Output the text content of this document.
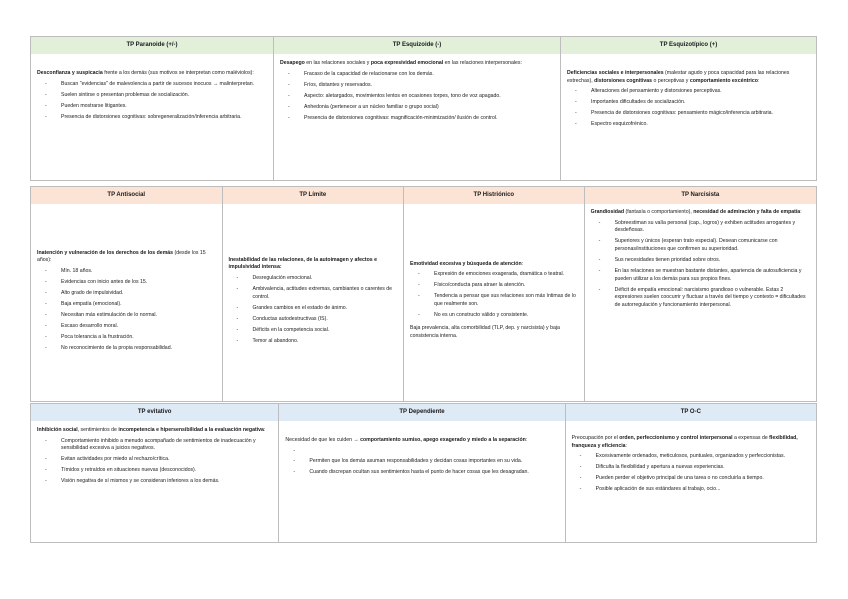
TP Paranoide (+/-)

Desconfianza y suspicacia frente a los demás (sus motivos se interpretan como maléviolos):

- Buscan "evidencias" de malevolencia a partir de sucesos inocuos → malinterpretan.
- Suelen sintirse o presentan problemas de socialización.
- Pueden mostrarse litigantes.
- Presencia de distorsiones cognitivas: sobregeneralización/inferencia arbitraria.
TP Esquizoide (-)

Desapego en las relaciones sociales y poca expresividad emocional en las relaciones interpersonales:

- Fracaso de la capacidad de relacionarse con los demás.
- Fríos, distantes y reservados.
- Aspecto: aletargados, movimientos lentos en ocasiones torpes, tono de voz apagado.
- Anhedonia (pertenecer a un núcleo familiar o grupo social)
- Presencia de distorsiones cognitivas: magnificación-minimización/ ilusión de control.
TP Esquizotípico (+)

Deficiencias sociales e interpersonales (malestar agudo y poca capacidad para las relaciones estrechas), distorsiones cognitivas o perceptivas y comportamiento excéntrico:

- Alteraciones del pensamiento y distorsiones perceptivas.
- Importantes dificultades de socialización.
- Presencia de distorsiones cognitivas: pensamiento mágico/inferencia arbitraria.
- Espectro esquizofrénico.
TP Antisocial

Inatención y vulneración de los derechos de los demás (desde los 15 años):

- Mín. 18 años.
- Evidencias con inicio antes de los 15.
- Alto grado de impulsividad.
- Baja empatía (emocional).
- Necesitan más estimulación de lo normal.
- Escaso desarrollo moral.
- Poca tolerancia a la frustración.
- No reconocimiento de la propia responsabilidad.
TP Límite

Inestabilidad de las relaciones, de la autoimagen y afectos e impulsividad intensa:

- Desregulación emocional.
- Ambivalencia, actitudes extremas, cambiantes o carentes de control.
- Grandes cambios en el estado de ánimo.
- Conductas autodestructivas (IS).
- Déficits en la competencia social.
- Temor al abandono.
TP Histriónico

Emotividad excesiva y búsqueda de atención:

- Expresión de emociones exagerada, dramática o teatral.
- Físico/conducta para atraer la atención.
- Tendencia a pensar que sus relaciones son más íntimas de lo que realmente son.
- No es un constructo válido y consistente.

Baja prevalencia, alta comorbilidad (TLP, dep. y narcisista) y baja consistencia interna.

TP Narcisista

Grandiosidad (fantasía o comportamiento), necesidad de admiración y falta de empatía:

- Sobreestiman su valía personal (cap., logros) y exhiben actitudes arrogantes y desdeñosas.
- Superiores y únicos (esperan trato especial). Desean comunicarse con personas/instituciones que confirmen su superioridad.
- Sus necesidades tienen prioridad sobre otros.
- En las relaciones se muestran bastante distantes, apariencia de autosuficiencia y pueden utilizar a los demás para sus propios fines.
- Déficit de empatía emocional: narcisismo grandioso o vulnerable. Estas 2 expresiones suelen coocurrir y fluctuar a través del tiempo y contexto = dificultades de autorregulación y funcionamiento interpersonal.
TP evitativo

Inhibición social, sentimientos de incompetencia e hipersensibilidad a la evaluación negativa:

- Comportamiento inhibido a menudo acompañado de sentimientos de inadecuación y sensibilidad excesiva a juicios negativos.
- Evitan actividades por miedo al rechazo/crítica.
- Tímidos y retraídos en situaciones nuevas (desconocidos).
- Visión negativa de sí mismos y se consideran inferiores a los demás.
TP Dependiente

Necesidad de que les cuiden → comportamiento sumiso, apego exagerado y miedo a la separación:

-
- Permiten que los demás asuman responsabilidades y decidan cosas importantes en su vida.
- Cuando discrepan ocultan sus sentimientos hasta el punto de hacer cosas que les desagradan.
TP O-C

Preocupación por el orden, perfeccionismo y control interpersonal a expensas de flexibilidad, franqueza y eficiencia:

- Excesivamente ordenados, meticulosos, puntuales, organizados y perfeccionistas.
- Dificulta la flexibilidad y apertura a nuevas experiencias.
- Pueden perder el objetivo principal de una tarea o no concluirla a tiempo.
- Posible aplicación de sus estándares al trabajo, ocio...
